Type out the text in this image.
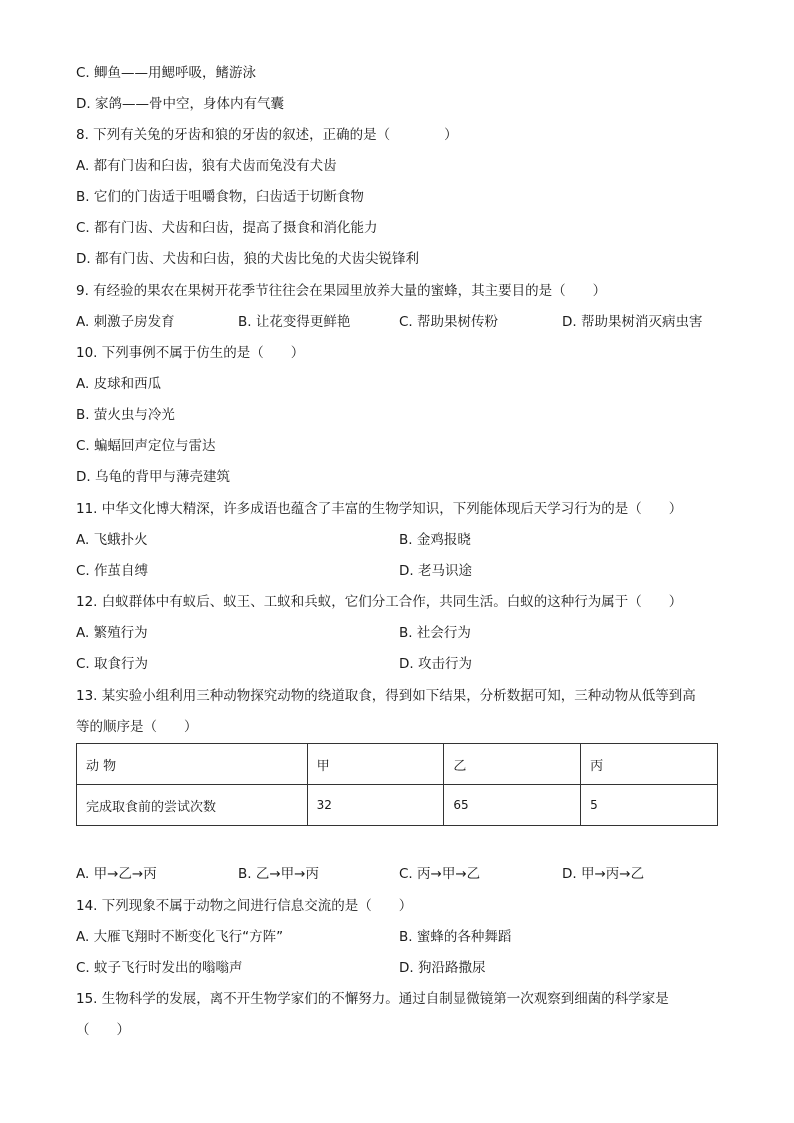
C. 鲫鱼——用鳃呼吸，鳍游泳
D. 家鸽——骨中空，身体内有气囊
8. 下列有关兔的牙齿和狼的牙齿的叙述，正确的是（　　　　）
A. 都有门齿和臼齿，狼有犬齿而兔没有犬齿
B. 它们的门齿适于咀嚼食物，臼齿适于切断食物
C. 都有门齿、犬齿和臼齿，提高了摄食和消化能力
D. 都有门齿、犬齿和臼齿，狼的犬齿比兔的犬齿尖锐锋利
9. 有经验的果农在果树开花季节往往会在果园里放养大量的蜜蜂，其主要目的是（　　）
A. 刺激子房发育	B. 让花变得更鲜艳	C. 帮助果树传粉	D. 帮助果树消灭病虫害
10. 下列事例不属于仿生的是（　　）
A. 皮球和西瓜
B. 萤火虫与冷光
C. 蝙蝠回声定位与雷达
D. 乌龟的背甲与薄壳建筑
11. 中华文化博大精深，许多成语也蕴含了丰富的生物学知识，下列能体现后天学习行为的是（　　）
A. 飞蛾扑火	B. 金鸡报晓
C. 作茧自缚	D. 老马识途
12. 白蚁群体中有蚁后、蚁王、工蚁和兵蚁，它们分工合作，共同生活。白蚁的这种行为属于（　　）
A. 繁殖行为	B. 社会行为
C. 取食行为	D. 攻击行为
13. 某实验小组利用三种动物探究动物的绕道取食，得到如下结果，分析数据可知，三种动物从低等到高
等的顺序是（　　）
动 物	甲	乙	丙
完成取食前的尝试次数	32	65	5
A. 甲→乙→丙	B. 乙→甲→丙	C. 丙→甲→乙	D. 甲→丙→乙
14. 下列现象不属于动物之间进行信息交流的是（　　）
A. 大雁飞翔时不断变化飞行“方阵”	B. 蜜蜂的各种舞蹈
C. 蚊子飞行时发出的嗡嗡声	D. 狗沿路撒尿
15. 生物科学的发展，离不开生物学家们的不懈努力。通过自制显微镜第一次观察到细菌的科学家是
（　　）
